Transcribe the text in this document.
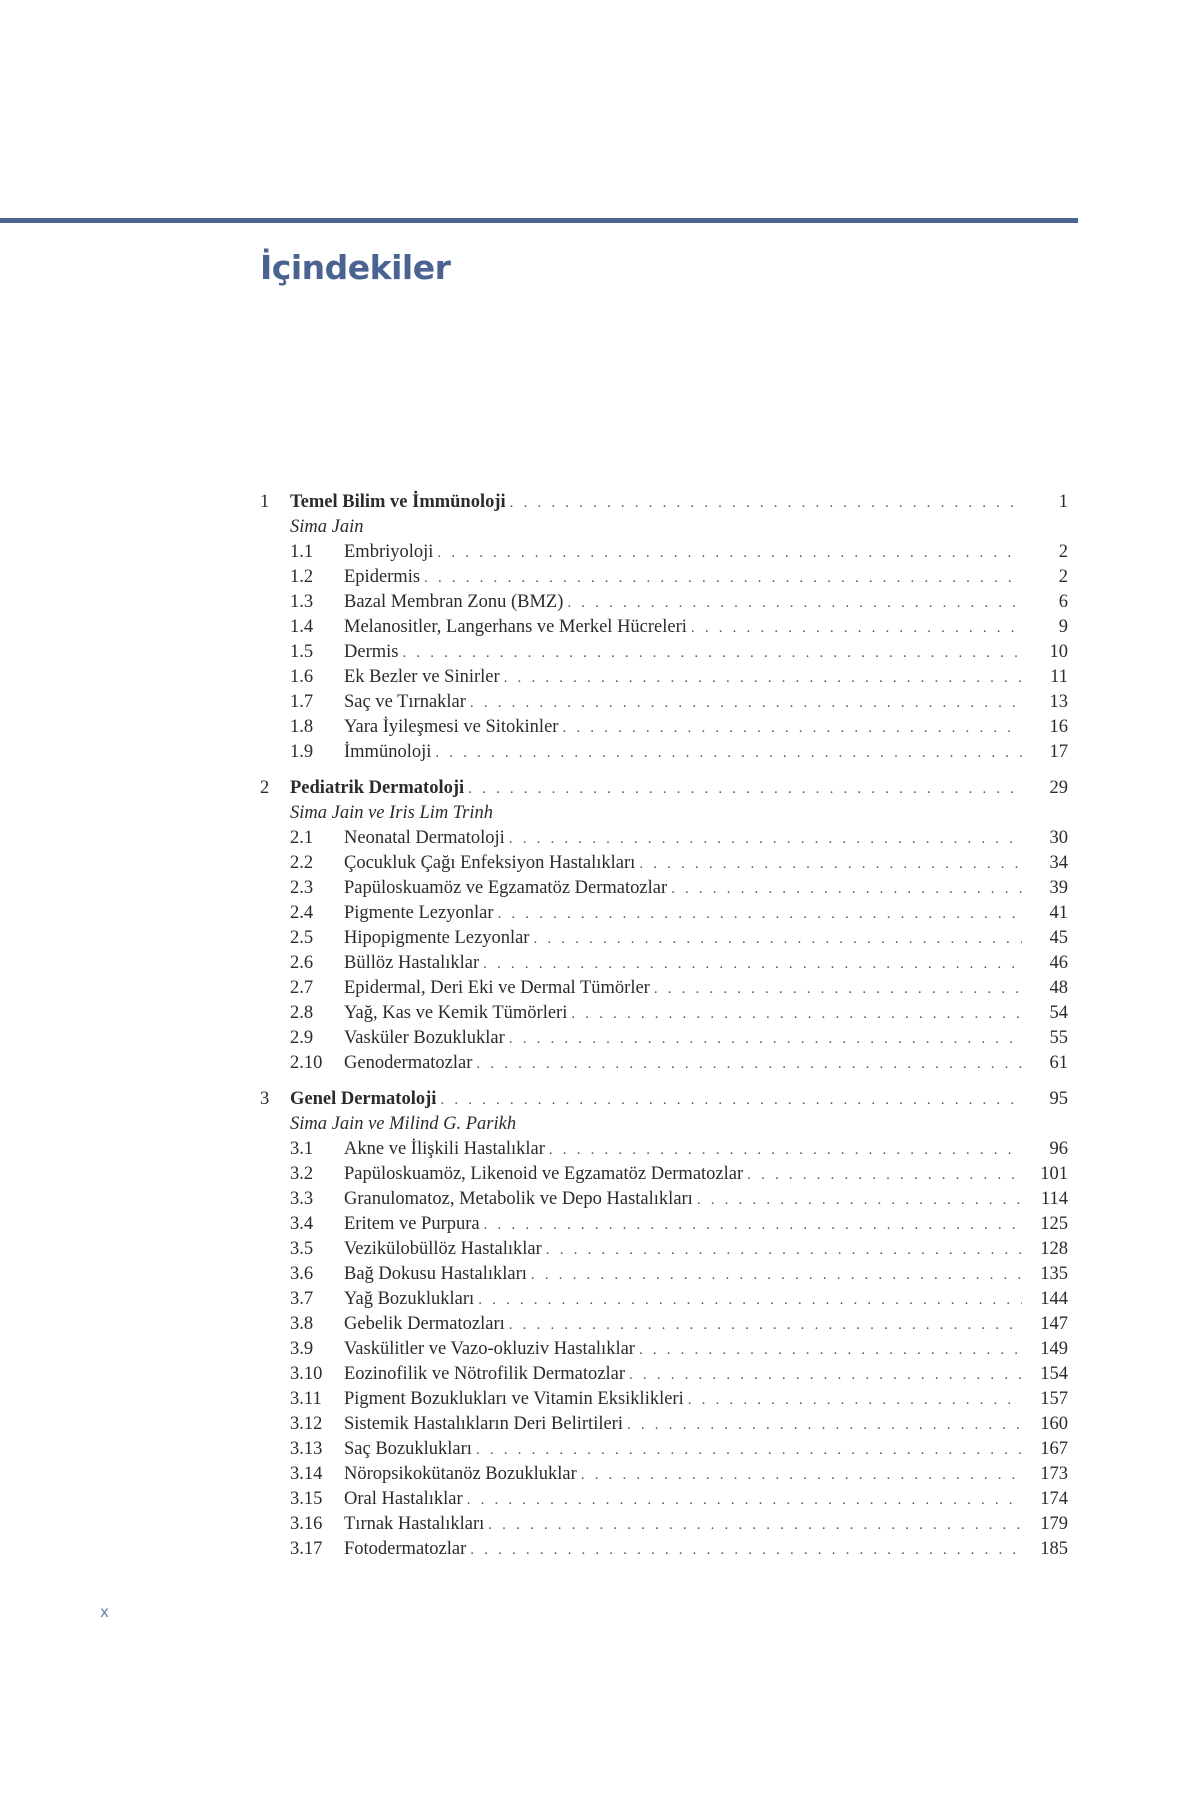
İçindekiler
1	Temel Bilim ve İmmünoloji . . .	1
Sima Jain
1.1	Embriyoloji . . .	2
1.2	Epidermis . . .	2
1.3	Bazal Membran Zonu (BMZ) . . .	6
1.4	Melanositler, Langerhans ve Merkel Hücreleri . . .	9
1.5	Dermis . . .	10
1.6	Ek Bezler ve Sinirler . . .	11
1.7	Saç ve Tırnaklar . . .	13
1.8	Yara İyileşmesi ve Sitokinler . . .	16
1.9	İmmünoloji . . .	17
2	Pediatrik Dermatoloji . . .	29
Sima Jain ve Iris Lim Trinh
2.1	Neonatal Dermatoloji . . .	30
2.2	Çocukluk Çağı Enfeksiyon Hastalıkları . . .	34
2.3	Papüloskuamöz ve Egzamatöz Dermatozlar . . .	39
2.4	Pigmente Lezyonlar . . .	41
2.5	Hipopigmente Lezyonlar . . .	45
2.6	Büllöz Hastalıklar . . .	46
2.7	Epidermal, Deri Eki ve Dermal Tümörler . . .	48
2.8	Yağ, Kas ve Kemik Tümörleri . . .	54
2.9	Vasküler Bozukluklar . . .	55
2.10	Genodermatozlar . . .	61
3	Genel Dermatoloji . . .	95
Sima Jain ve Milind G. Parikh
3.1	Akne ve İlişkili Hastalıklar . . .	96
3.2	Papüloskuamöz, Likenoid ve Egzamatöz Dermatozlar . . .	101
3.3	Granulomatoz, Metabolik ve Depo Hastalıkları . . .	114
3.4	Eritem ve Purpura . . .	125
3.5	Vezikülobüllöz Hastalıklar . . .	128
3.6	Bağ Dokusu Hastalıkları . . .	135
3.7	Yağ Bozuklukları . . .	144
3.8	Gebelik Dermatozları . . .	147
3.9	Vaskülitler ve Vazo-okluziv Hastalıklar . . .	149
3.10	Eozinofilik ve Nötrofilik Dermatozlar . . .	154
3.11	Pigment Bozuklukları ve Vitamin Eksiklikleri . . .	157
3.12	Sistemik Hastalıkların Deri Belirtileri . . .	160
3.13	Saç Bozuklukları . . .	167
3.14	Nöropsikokütanöz Bozukluklar . . .	173
3.15	Oral Hastalıklar . . .	174
3.16	Tırnak Hastalıkları . . .	179
3.17	Fotodermatozlar . . .	185
x
